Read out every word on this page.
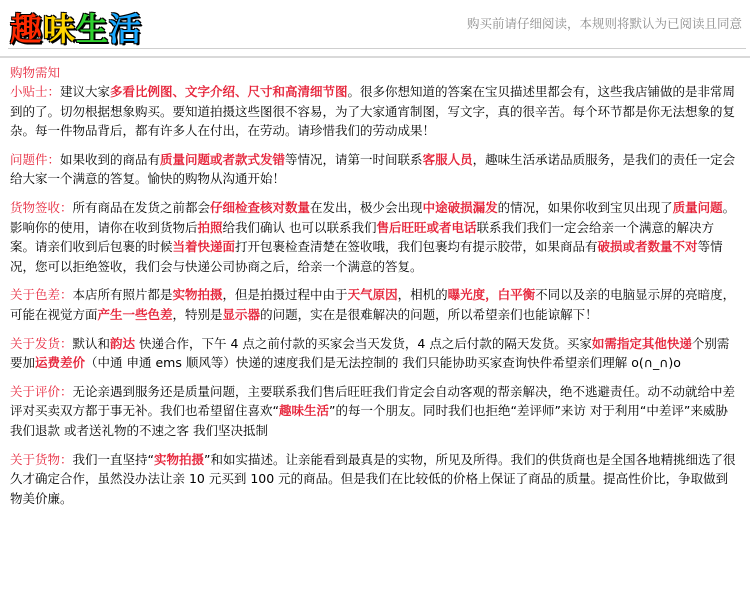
趣 味 生 活	购买前请仔细阅读，本规则将默认为已阅读且同意
购物需知

小贴士：建议大家多看比例图、文字介绍、尺寸和高清细节图。很多你想知道的答案在宝贝描述里都会有，这些我店铺做的是非常周到的了。切勿根据想象购买。要知道拍摄这些图很不容易，为了大家通宵制图，写文字，真的很辛苦。每个环节都是你无法想象的复杂。每一件物品背后，都有许多人在付出，在劳动。请珍惜我们的劳动成果！

问题件：如果收到的商品有质量问题或者款式发错等情况，请第一时间联系客服人员，趣味生活承诺品质服务，是我们的责任一定会给大家一个满意的答复。愉快的购物从沟通开始！

货物签收：所有商品在发货之前都会仔细检查核对数量在发出，极少会出现中途破损漏发的情况，如果你收到宝贝出现了质量问题。影响你的使用，请你在收到货物后拍照给我们确认 也可以联系我们售后旺旺或者电话联系我们我们一定会给亲一个满意的解决方案。请亲们收到后包裹的时候当着快递面打开包裹检查清楚在签收哦，我们包裹均有提示胶带，如果商品有破损或者数量不对等情况，您可以拒绝签收，我们会与快递公司协商之后，给亲一个满意的答复。

关于色差：本店所有照片都是实物拍摄，但是拍摄过程中由于天气原因，相机的曝光度，白平衡不同以及亲的电脑显示屏的亮暗度，可能在视觉方面产生一些色差，特别是显示器的问题，实在是很难解决的问题，所以希望亲们也能谅解下！

关于发货：默认和韵达 快递合作，下午 4 点之前付款的买家会当天发货，4 点之后付款的隔天发货。买家如需指定其他快递个别需要加运费差价（中通 申通 ems 顺风等）快递的速度我们是无法控制的 我们只能协助买家查询快件希望亲们理解 o(∩_∩)o

关于评价：无论亲遇到服务还是质量问题，主要联系我们售后旺旺我们肯定会自动客观的帮亲解决，绝不逃避责任。动不动就给中差评对买卖双方都于事无补。我们也希望留住喜欢“趣味生活”的每一个朋友。同时我们也拒绝“差评师”来访 对于利用“中差评”来威胁我们退款 或者送礼物的不速之客 我们坚决抵制

关于货物：我们一直坚持“实物拍摄”和如实描述。让亲能看到最真是的实物，所见及所得。我们的供货商也是全国各地精挑细选了很久才确定合作，虽然没办法让亲 10 元买到 100 元的商品。但是我们在比较低的价格上保证了商品的质量。提高性价比，争取做到物美价廉。
